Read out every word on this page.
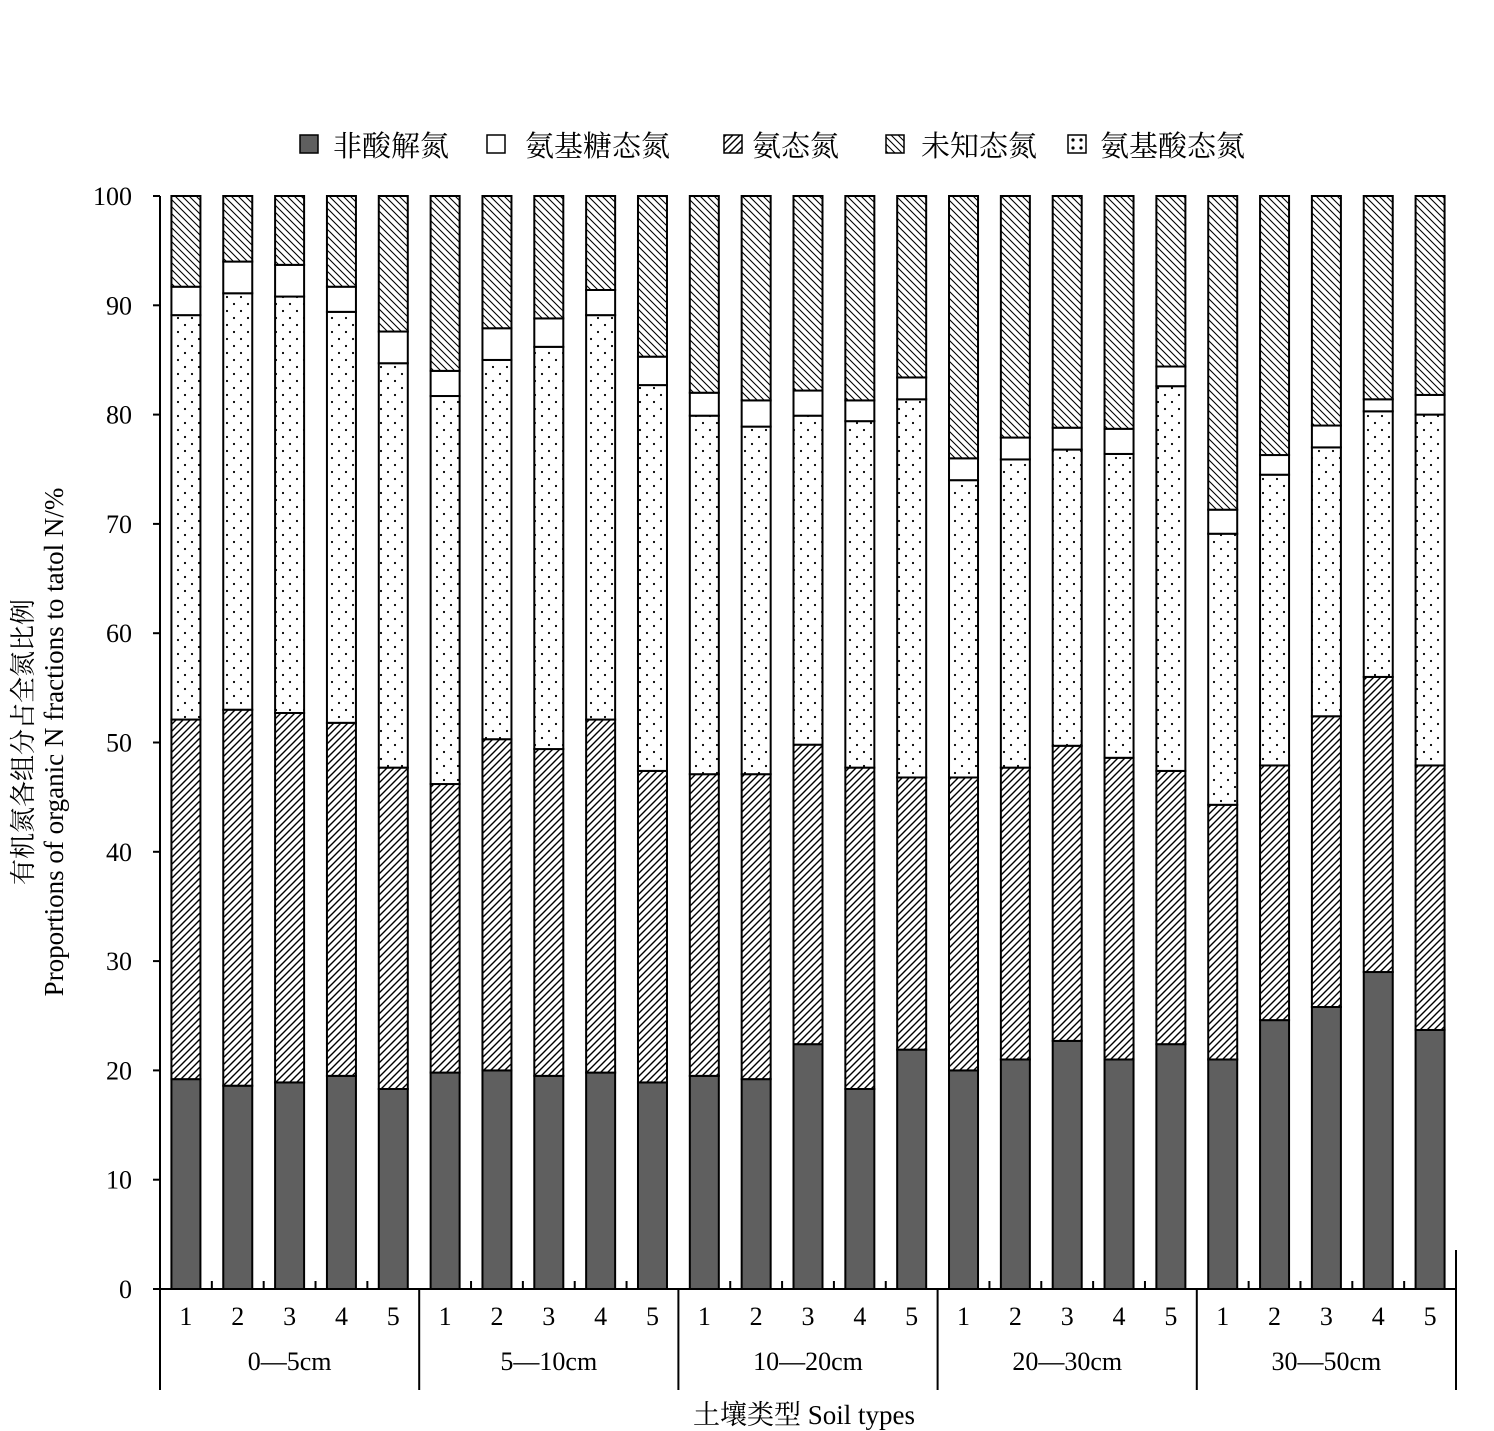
非酸解氮	氨基糖态氮	氨态氮	未知态氮 氨基酸态氮
有机氮各组分占全氮比例 Proportions of organic N fractions to tatol N/%
土壤类型 Soil types
0
10
20
30
40
50
60
70
80
90
100
1 2 3 4 5
0—5cm
1 2 3 4 5
5—10cm
1 2 3 4 5
10—20cm
1 2 3 4 5
20—30cm
1 2 3 4 5
30—50cm
